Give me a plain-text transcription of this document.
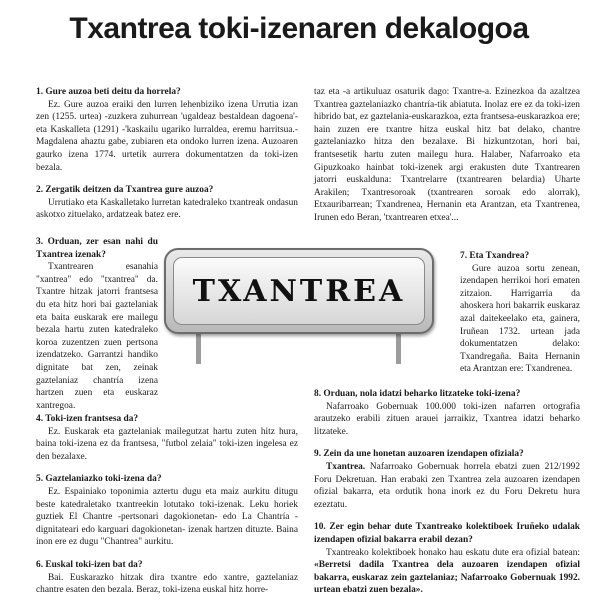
Txantrea toki-izenaren dekalogoa

1. Gure auzoa beti deitu da horrela?

Ez. Gure auzoa eraiki den lurren lehenbiziko izena Urrutia izan zen (1255. urtea) -zuzkera zuhurrean 'ugaldeaz bestaldean dagoena'- eta Kaskalleta (1291) -'kaskailu ugariko lurraldea, eremu harritsua.- Magdalena ahaztu gabe, zubiaren eta ondoko lurren izena. Auzoaren gaurko izena 1774. urtetik aurrera dokumentatzen da toki-izen bezala.

2. Zergatik deitzen da Txantrea gure auzoa?

Urrutiako eta Kaskalletako lurretan katedraleko txantreak ondasun askotxo zituelako, ardatzeak batez ere.

3. Orduan, zer esan nahi du Txantrea izenak?

Txantrearen esanahia "xantrea" edo "txantrea" da. Txantre hitzak jatorri frantsesa du eta hitz hori bai gaztelaniak eta baita euskarak ere mailegu bezala hartu zuten katedraleko koroa zuzentzen zuen pertsona izendatzeko. Garrantzi handiko dignitate bat zen, zeinak gaztelaniaz chantría izena hartzen zuen eta euskaraz xantregoa.

4. Toki-izen frantsesa da?

Ez. Euskarak eta gaztelaniak mailegutzat hartu zuten hitz hura, baina toki-izena ez da frantsesa, "futbol zelaia" toki-izen ingelesa ez den bezalaxe.

5. Gaztelaniazko toki-izena da?

Ez. Espainiako toponimia aztertu dugu eta maiz aurkitu ditugu beste katedraletako txantreekin lotutako toki-izenak. Leku horiek guztiek El Chantre -pertsonari dagokionetan- edo La Chantría -dignitateari edo karguari dagokionetan- izenak hartzen dituzte. Baina inon ere ez dugu "Chantrea" aurkitu.

6. Euskal toki-izen bat da?

Bai. Euskarazko hitzak dira txantre edo xantre, gaztelaniaz chantre esaten den bezala. Beraz, toki-izena euskal hitz horre-

taz eta -a artikuluaz osaturik dago: Txantre-a. Ezinezkoa da azaltzea Txantrea gaztelaniazko chantría-tik abiatuta. Inolaz ere ez da toki-izen hibrido bat, ez gaztelania-euskarazkoa, ezta frantsesa-euskarazkoa ere; hain zuzen ere txantre hitza euskal hitz bat delako, chantre gaztelaniazko hitza den bezalaxe. Bi hizkuntzotan, hori bai, frantsesetik hartu zuten mailegu hura. Halaber, Nafarroako eta Gipuzkoako hainbat toki-izenek argi erakusten dute Txantrearen jatorri euskalduna: Txantrelarre (txantrearen belardia) Uharte Arakilen; Txantresoroak (txantrearen soroak edo alorrak), Etxauribarrean; Txandrenea, Hernanin eta Arantzan, eta Txantrenea, Irunen edo Beran, 'txantrearen etxea'...

7. Eta Txandrea?

Gure auzoa sortu zenean, izendapen herrikoi hori ematen zitzaion. Harrigarria da ahoskera hori bakarrik euskaraz azal daitekeelako eta, gainera, Iruñean 1732. urtean jada dokumentatzen delako: Txandregaña. Baita Hernanin eta Arantzan ere: Txandrenea.

8. Orduan, nola idatzi beharko litzateke toki-izena?

Nafarroako Gobernuak 100.000 toki-izen nafarren ortografia arautzeko erabili zituen arauei jarraikiz, Txantrea idatzi beharko litzateke.

9. Zein da une honetan auzoaren izendapen ofiziala?

Txantrea. Nafarroako Gobernuak horrela ebatzi zuen 212/1992 Foru Dekretuan. Han erabaki zen Txantrea zela auzoaren izendapen ofizial bakarra, eta ordutik hona inork ez du Foru Dekretu hura ezeztatu.

10. Zer egin behar dute Txantreako kolektiboek Iruñeko udalak izendapen ofizial bakarra erabil dezan?

Txantreako kolektiboek honako hau eskatu dute era ofizial batean: «Berretsi dadila Txantrea dela auzoaren izendapen ofizial bakarra, euskaraz zein gaztelaniaz; Nafarroako Gobernuak 1992. urtean ebatzi zuen bezala».

TXANTREA
